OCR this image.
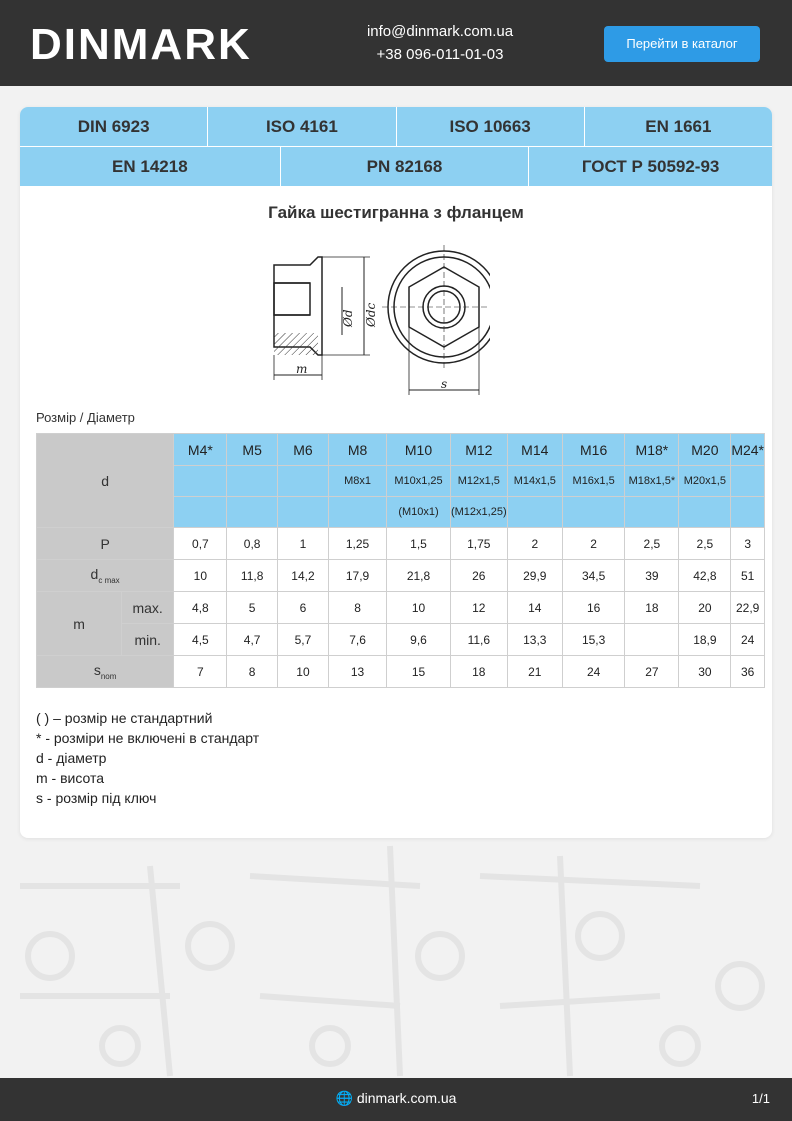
DINMARK	info@dinmark.com.ua
+38 096-011-01-03
Перейти в каталог
DIN 6923	ISO 4161	ISO 10663	EN 1661
EN 14218	PN 82168	ГОСТ Р 50592-93
Гайка шестигранна з фланцем
Ød Ødc
m
s
Розмір / Діаметр
d		M4*	M5	M6	M8	M10	M12	M14	M16	M18*	M20	M24*
					M8x1	M10x1,25	M12x1,5	M14x1,5	M16x1,5	M18x1,5*	M20x1,5	
						(M10x1)	(M12x1,25)					
P		0,7	0,8	1	1,25	1,5	1,75	2	2	2,5	2,5	3
$d_{c max}$		10	11,8	14,2	17,9	21,8	26	29,9	34,5	39	42,8	51
m	max.	4,8	5	6	8	10	12	14	16	18	20	22,9
	min.	4,5	4,7	5,7	7,6	9,6	11,6	13,3	15,3		18,9	24
$s_{nom}$		7	8	10	13	15	18	21	24	27	30	36
( ) – розмір не стандартний
* - розміри не включені в стандарт
d - діаметр
m - висота
s - розмір під ключ
🌐 dinmark.com.ua	1/1
